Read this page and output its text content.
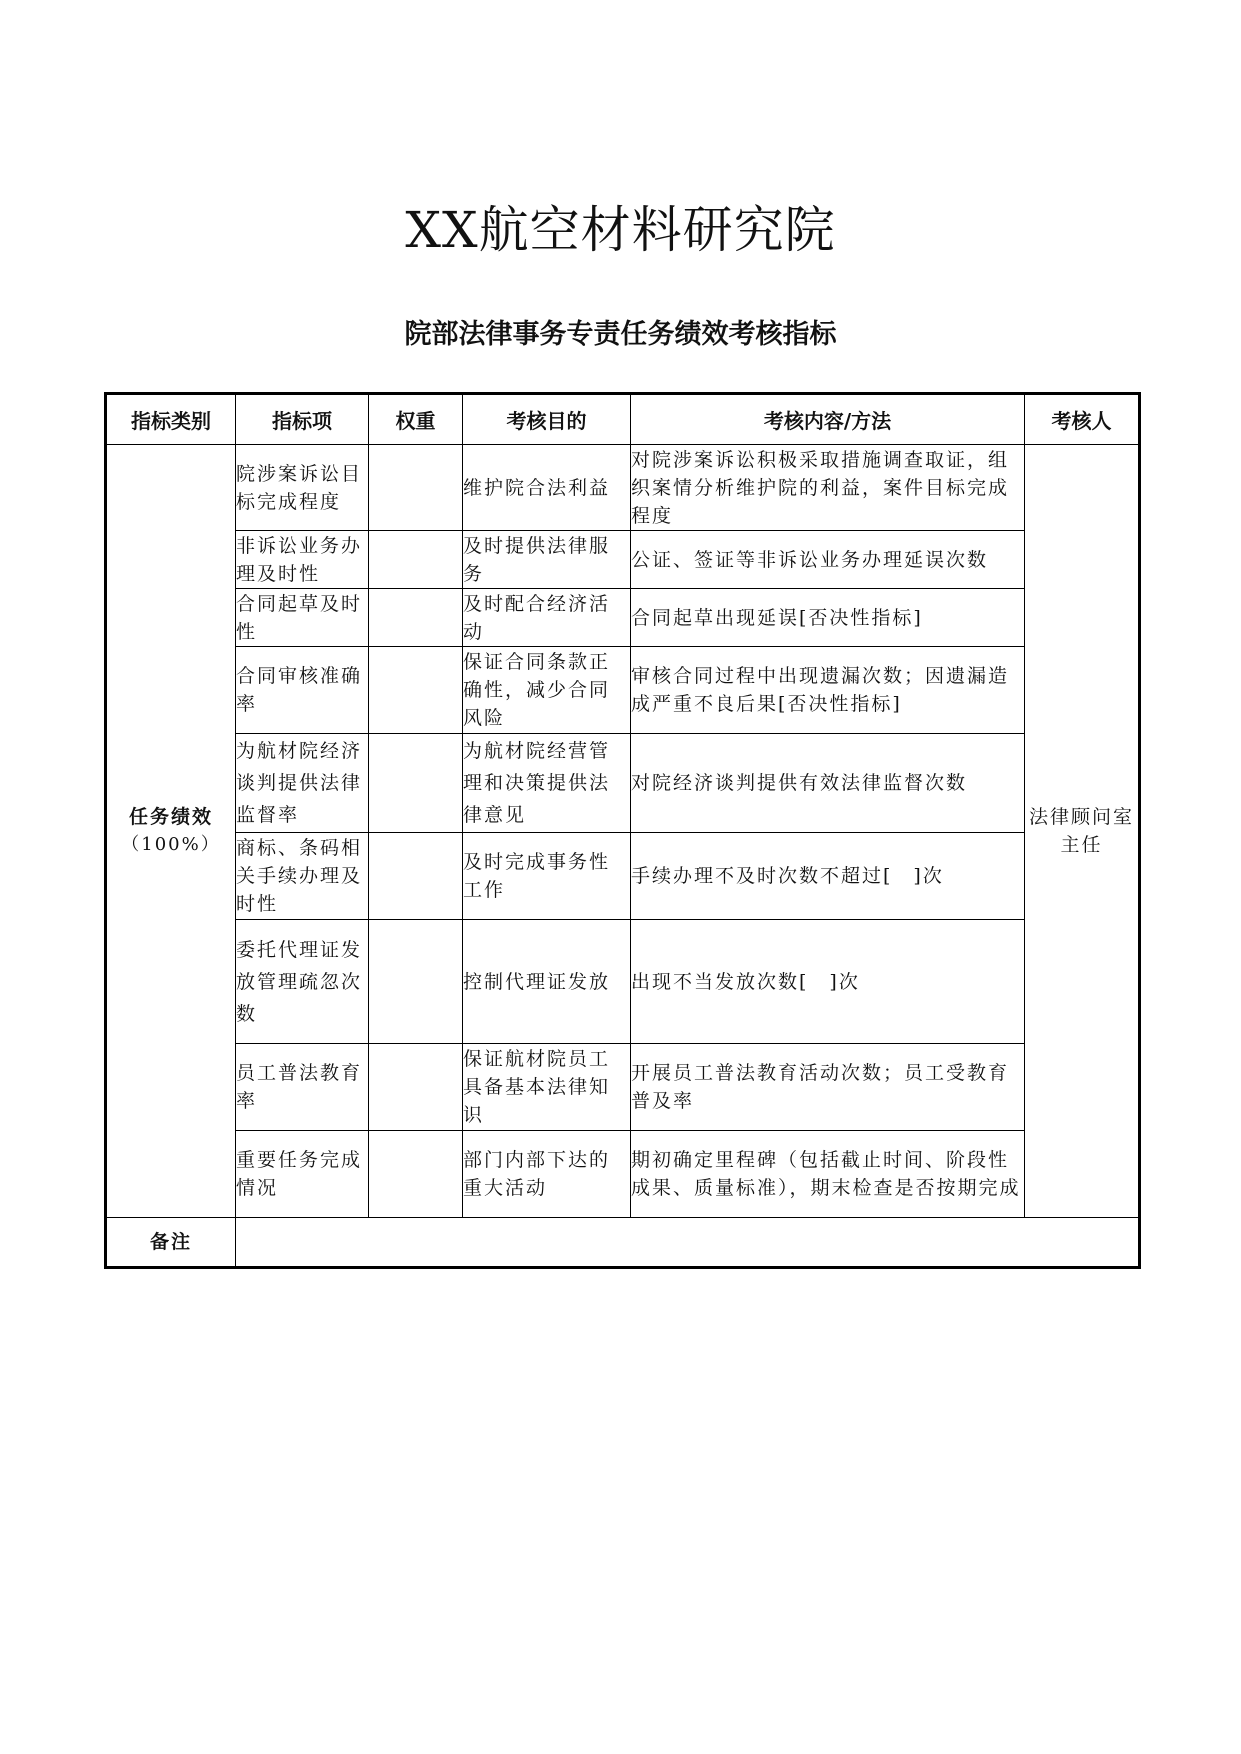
XX航空材料研究院
院部法律事务专责任务绩效考核指标
指标类别	指标项	权重	考核目的	考核内容/方法	考核人

任务绩效
（100%）	院涉案诉讼目标完成程度		维护院合法利益	对院涉案诉讼积极采取措施调查取证，组织案情分析维护院的利益，案件目标完成程度	法律顾问室主任
	非诉讼业务办理及时性		及时提供法律服务	公证、签证等非诉讼业务办理延误次数	
	合同起草及时性		及时配合经济活动	合同起草出现延误[否决性指标]	
	合同审核准确率		保证合同条款正确性，减少合同风险	审核合同过程中出现遗漏次数；因遗漏造成严重不良后果[否决性指标]	
	为航材院经济谈判提供法律监督率		为航材院经营管理和决策提供法律意见	对院经济谈判提供有效法律监督次数	
	商标、条码相关手续办理及时性		及时完成事务性工作	手续办理不及时次数不超过[　]次	
	委托代理证发放管理疏忽次数		控制代理证发放	出现不当发放次数[　]次	
	员工普法教育率		保证航材院员工具备基本法律知识	开展员工普法教育活动次数；员工受教育普及率	
	重要任务完成情况		部门内部下达的重大活动	期初确定里程碑（包括截止时间、阶段性成果、质量标准），期末检查是否按期完成	
备注					
